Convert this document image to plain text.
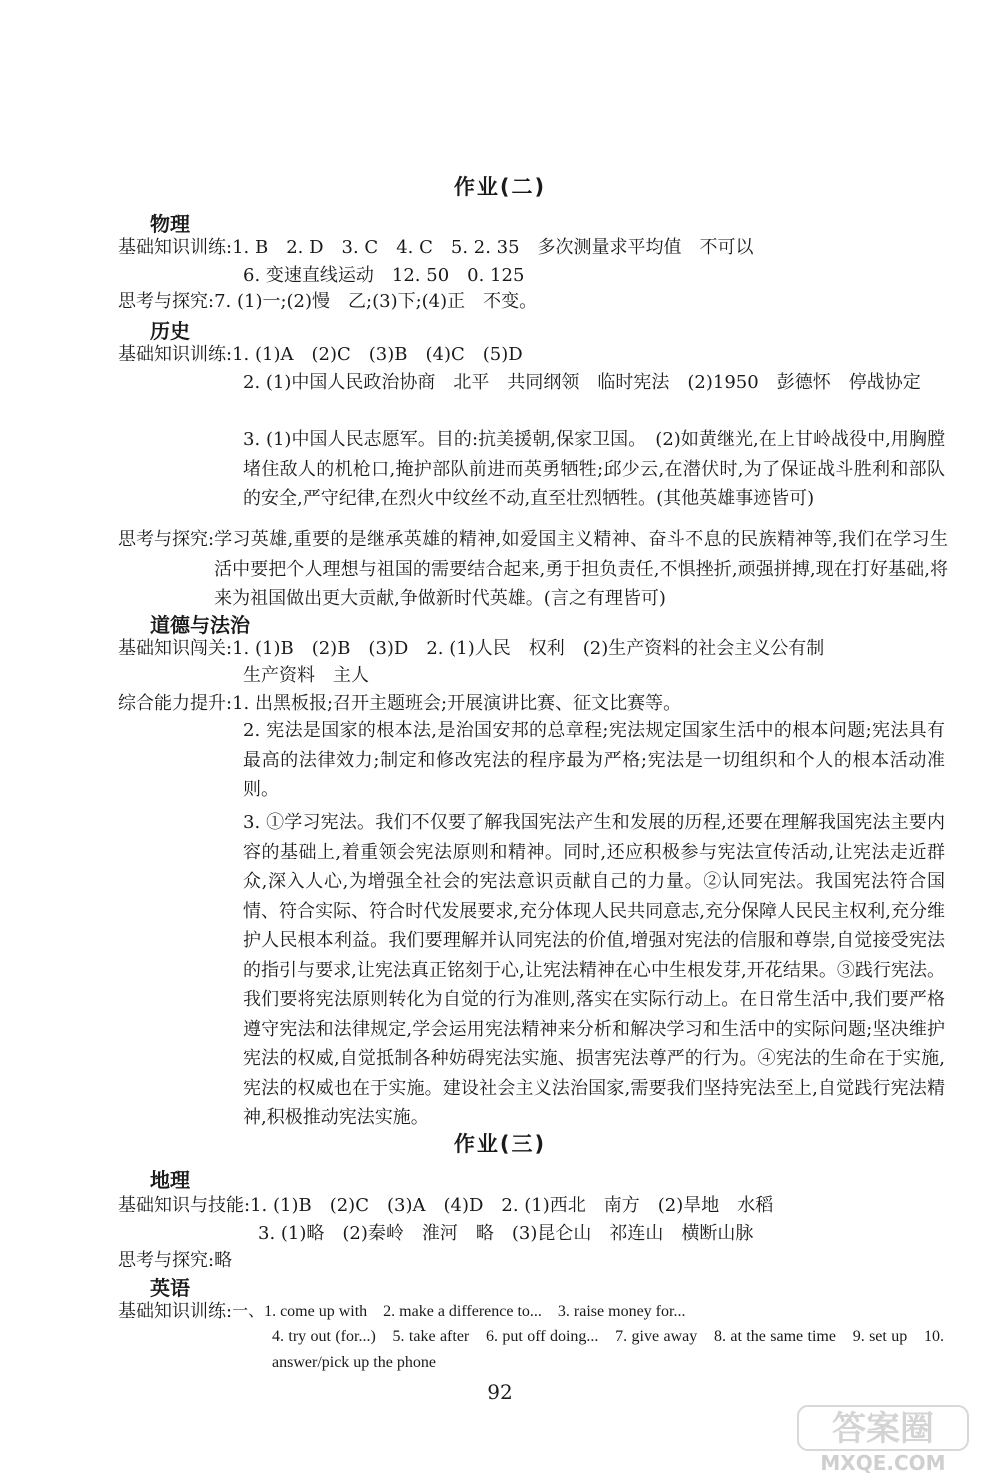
作业(二)
物理
基础知识训练: 1. B　2. D　3. C　4. C　5. 2. 35　多次测量求平均值　不可以
6. 变速直线运动　12. 50　0. 125
思考与探究: 7. (1)一;(2)慢　乙;(3)下;(4)正　不变。
历史
基础知识训练: 1. (1)A　(2)C　(3)B　(4)C　(5)D
2. (1)中国人民政治协商　北平　共同纲领　临时宪法　(2)1950　彭德怀　停战协定
3. (1)中国人民志愿军。目的:抗美援朝,保家卫国。　(2)如黄继光,在上甘岭战役中,用胸膛堵住敌人的机枪口,掩护部队前进而英勇牺牲;邱少云,在潜伏时,为了保证战斗胜利和部队的安全,严守纪律,在烈火中纹丝不动,直至壮烈牺牲。(其他英雄事迹皆可)
思考与探究: 学习英雄,重要的是继承英雄的精神,如爱国主义精神、奋斗不息的民族精神等,我们在学习生活中要把个人理想与祖国的需要结合起来,勇于担负责任,不惧挫折,顽强拼搏,现在打好基础,将来为祖国做出更大贡献,争做新时代英雄。(言之有理皆可)
道德与法治
基础知识闯关: 1. (1)B　(2)B　(3)D　2. (1)人民　权利　(2)生产资料的社会主义公有制
生产资料　主人
综合能力提升: 1. 出黑板报;召开主题班会;开展演讲比赛、征文比赛等。
2. 宪法是国家的根本法,是治国安邦的总章程;宪法规定国家生活中的根本问题;宪法具有最高的法律效力;制定和修改宪法的程序最为严格;宪法是一切组织和个人的根本活动准则。
3. ①学习宪法。我们不仅要了解我国宪法产生和发展的历程,还要在理解我国宪法主要内容的基础上,着重领会宪法原则和精神。同时,还应积极参与宪法宣传活动,让宪法走近群众,深入人心,为增强全社会的宪法意识贡献自己的力量。②认同宪法。我国宪法符合国情、符合实际、符合时代发展要求,充分体现人民共同意志,充分保障人民民主权利,充分维护人民根本利益。我们要理解并认同宪法的价值,增强对宪法的信服和尊崇,自觉接受宪法的指引与要求,让宪法真正铭刻于心,让宪法精神在心中生根发芽,开花结果。③践行宪法。我们要将宪法原则转化为自觉的行为准则,落实在实际行动上。在日常生活中,我们要严格遵守宪法和法律规定,学会运用宪法精神来分析和解决学习和生活中的实际问题;坚决维护宪法的权威,自觉抵制各种妨碍宪法实施、损害宪法尊严的行为。④宪法的生命在于实施,宪法的权威也在于实施。建设社会主义法治国家,需要我们坚持宪法至上,自觉践行宪法精神,积极推动宪法实施。
作业(三)
地理
基础知识与技能: 1. (1)B　(2)C　(3)A　(4)D　2. (1)西北　南方　(2)旱地　水稻
3. (1)略　(2)秦岭　淮河　略　(3)昆仑山　祁连山　横断山脉
思考与探究: 略
英语
基础知识训练: 一、1. come up with　2. make a difference to...　3. raise money for...
4. try out (for...)　5. take after　6. put off doing...　7. give away　8. at the same time　9. set up　10. answer/pick up the phone
92
答案圈
MXQE.COM
